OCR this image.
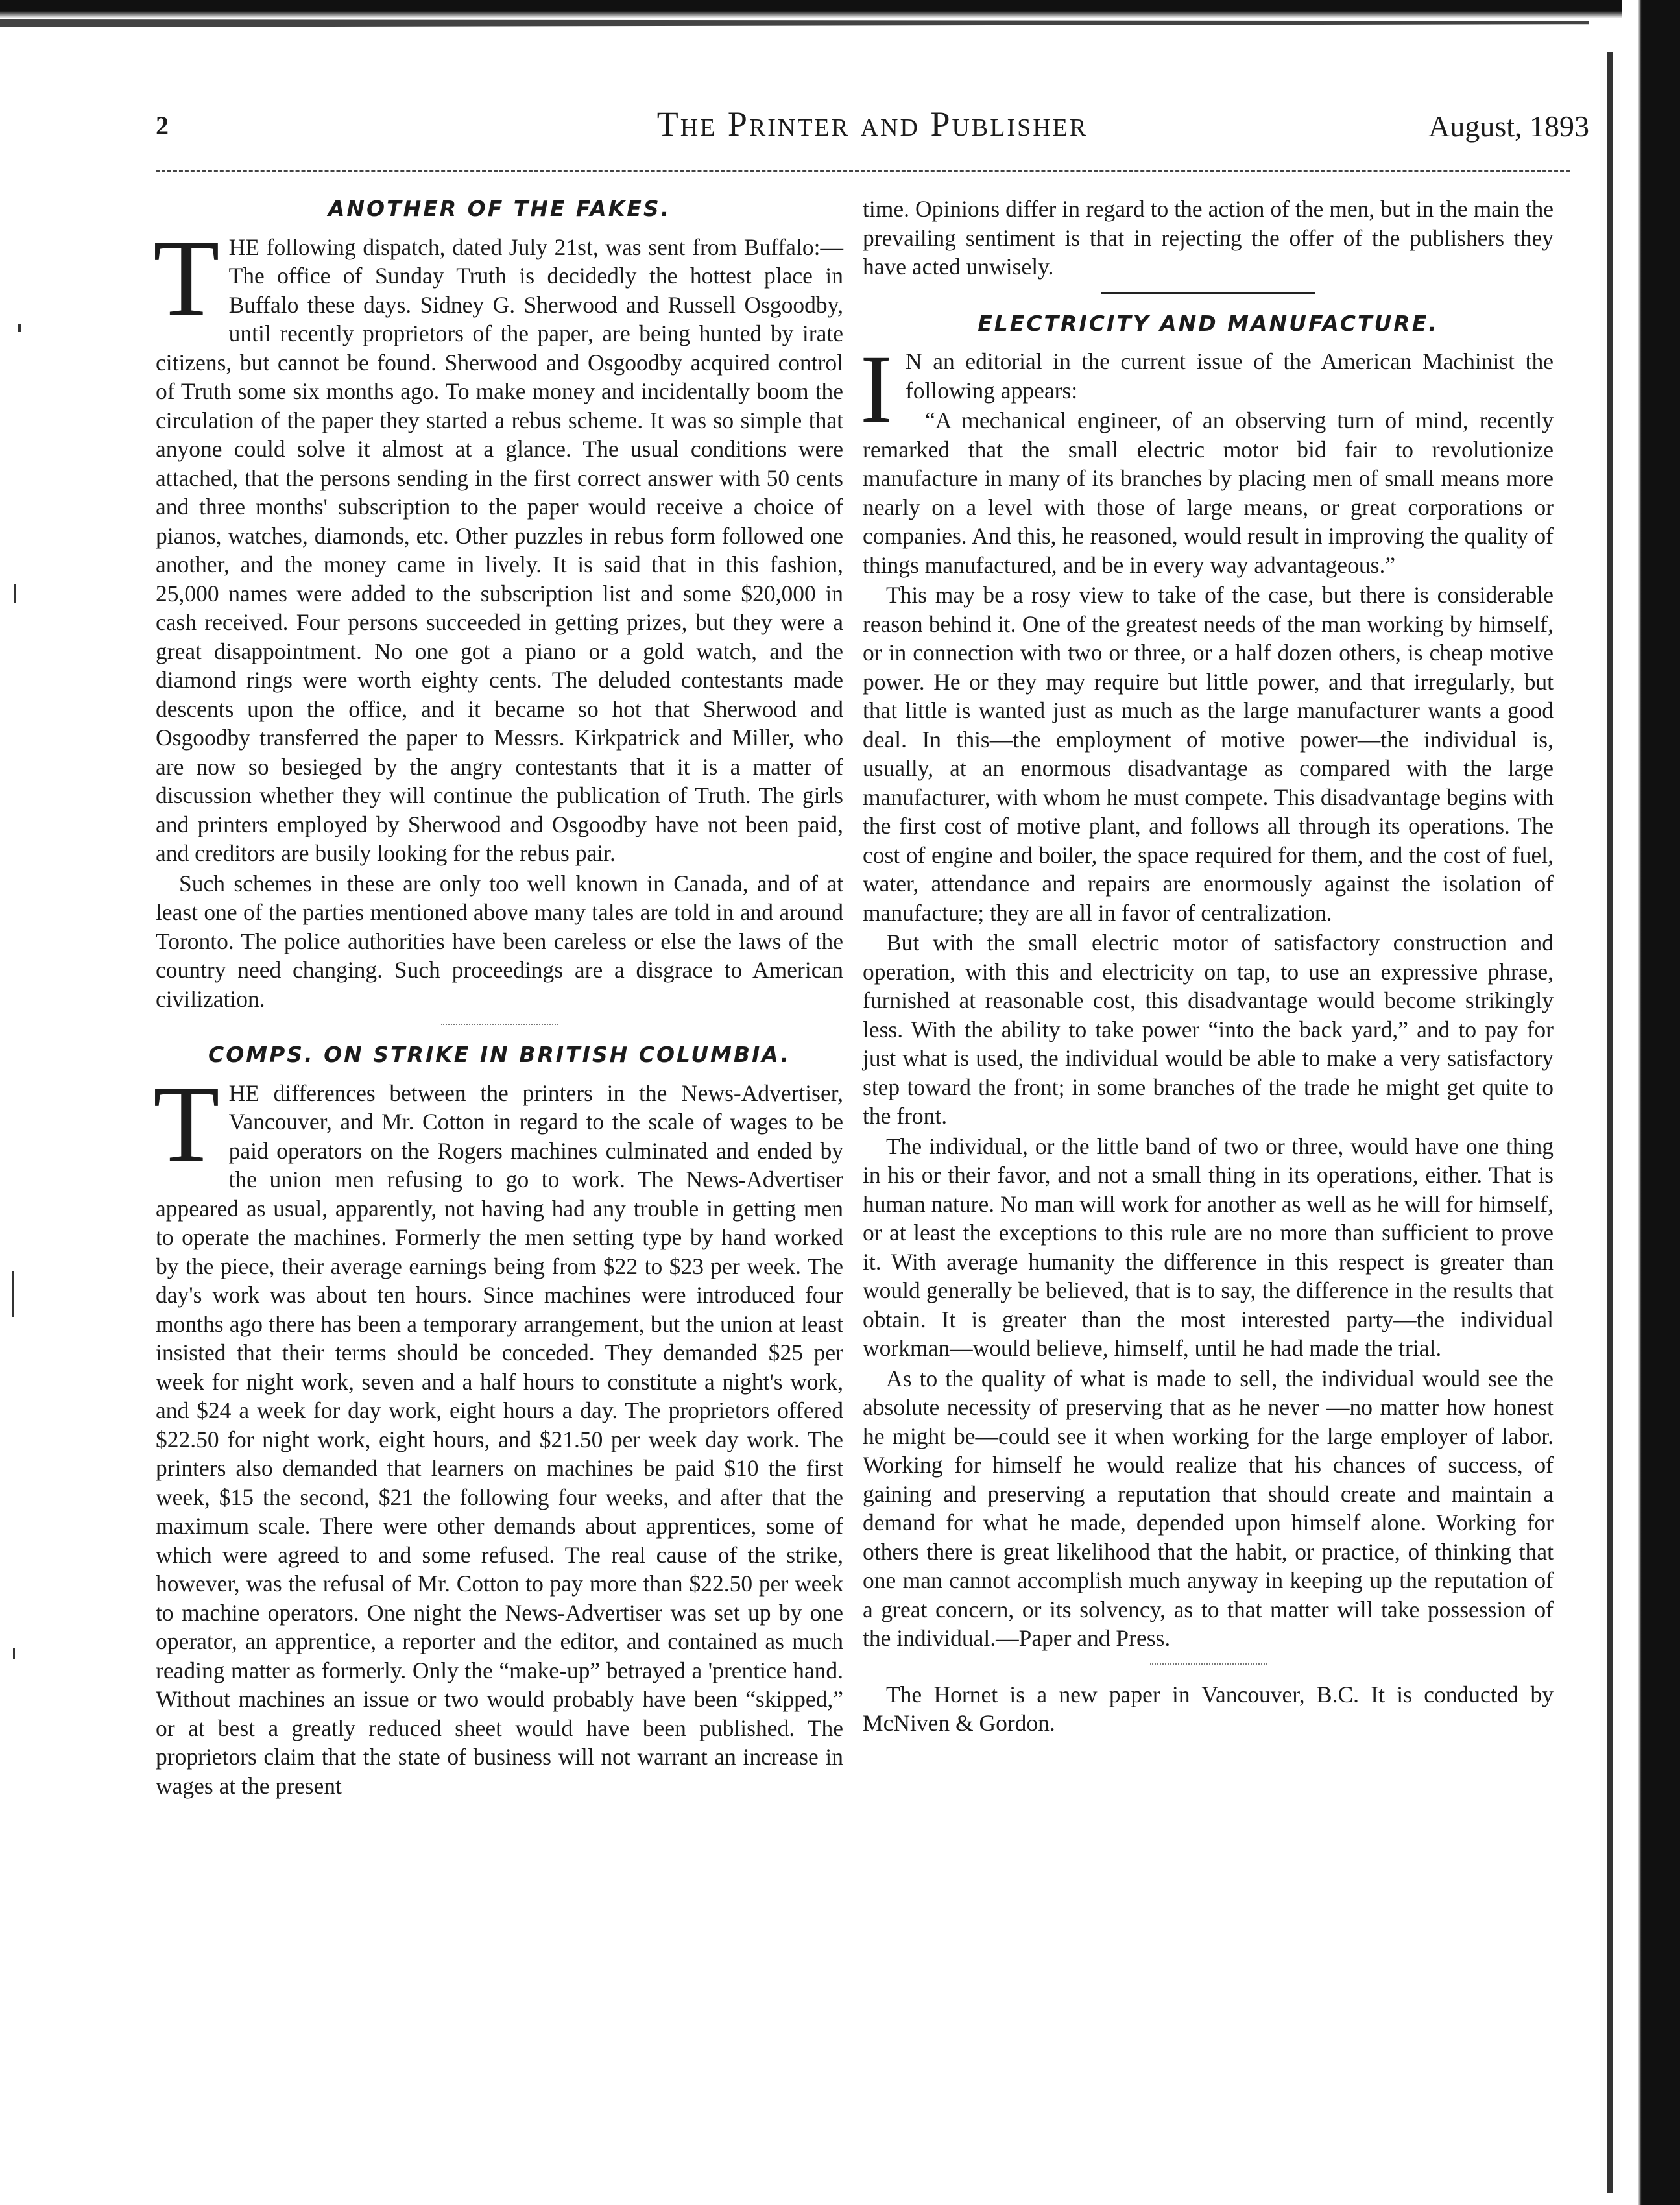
2	The Printer and Publisher	August, 1893
ANOTHER OF THE FAKES.

THE following dispatch, dated July 21st, was sent from Buffalo:—The office of Sunday Truth is decidedly the hottest place in Buffalo these days. Sidney G. Sherwood and Russell Osgoodby, until recently proprietors of the paper, are being hunted by irate citizens, but cannot be found. Sherwood and Osgoodby acquired control of Truth some six months ago. To make money and incidentally boom the circulation of the paper they started a rebus scheme. It was so simple that anyone could solve it almost at a glance. The usual conditions were attached, that the persons sending in the first correct answer with 50 cents and three months' subscription to the paper would receive a choice of pianos, watches, diamonds, etc. Other puzzles in rebus form followed one another, and the money came in lively. It is said that in this fashion, 25,000 names were added to the subscription list and some $20,000 in cash received. Four persons succeeded in getting prizes, but they were a great disappointment. No one got a piano or a gold watch, and the diamond rings were worth eighty cents. The deluded contestants made descents upon the office, and it became so hot that Sherwood and Osgoodby transferred the paper to Messrs. Kirkpatrick and Miller, who are now so besieged by the angry contestants that it is a matter of discussion whether they will continue the publication of Truth. The girls and printers employed by Sherwood and Osgoodby have not been paid, and creditors are busily looking for the rebus pair.

Such schemes in these are only too well known in Canada, and of at least one of the parties mentioned above many tales are told in and around Toronto. The police authorities have been careless or else the laws of the country need changing. Such proceedings are a disgrace to American civilization.

COMPS. ON STRIKE IN BRITISH COLUMBIA.

THE differences between the printers in the News-Advertiser, Vancouver, and Mr. Cotton in regard to the scale of wages to be paid operators on the Rogers machines culminated and ended by the union men refusing to go to work. The News-Advertiser appeared as usual, apparently, not having had any trouble in getting men to operate the machines. Formerly the men setting type by hand worked by the piece, their average earnings being from $22 to $23 per week. The day's work was about ten hours. Since machines were introduced four months ago there has been a temporary arrangement, but the union at least insisted that their terms should be conceded. They demanded $25 per week for night work, seven and a half hours to constitute a night's work, and $24 a week for day work, eight hours a day. The proprietors offered $22.50 for night work, eight hours, and $21.50 per week day work. The printers also demanded that learners on machines be paid $10 the first week, $15 the second, $21 the following four weeks, and after that the maximum scale. There were other demands about apprentices, some of which were agreed to and some refused. The real cause of the strike, however, was the refusal of Mr. Cotton to pay more than $22.50 per week to machine operators. One night the News-Advertiser was set up by one operator, an apprentice, a reporter and the editor, and contained as much reading matter as formerly. Only the “make-up” betrayed a 'prentice hand. Without machines an issue or two would probably have been “skipped,” or at best a greatly reduced sheet would have been published. The proprietors claim that the state of business will not warrant an increase in wages at the present

time. Opinions differ in regard to the action of the men, but in the main the prevailing sentiment is that in rejecting the offer of the publishers they have acted unwisely.

ELECTRICITY AND MANUFACTURE.

I N an editorial in the current issue of the American Machinist the following appears:

“A mechanical engineer, of an observing turn of mind, recently remarked that the small electric motor bid fair to revolutionize manufacture in many of its branches by placing men of small means more nearly on a level with those of large means, or great corporations or companies. And this, he reasoned, would result in improving the quality of things manufactured, and be in every way advantageous.”

This may be a rosy view to take of the case, but there is considerable reason behind it. One of the greatest needs of the man working by himself, or in connection with two or three, or a half dozen others, is cheap motive power. He or they may require but little power, and that irregularly, but that little is wanted just as much as the large manufacturer wants a good deal. In this—the employment of motive power—the individual is, usually, at an enormous disadvantage as compared with the large manufacturer, with whom he must compete. This disadvantage begins with the first cost of motive plant, and follows all through its operations. The cost of engine and boiler, the space required for them, and the cost of fuel, water, attendance and repairs are enormously against the isolation of manufacture; they are all in favor of centralization.

But with the small electric motor of satisfactory construction and operation, with this and electricity on tap, to use an expressive phrase, furnished at reasonable cost, this disadvantage would become strikingly less. With the ability to take power “into the back yard,” and to pay for just what is used, the individual would be able to make a very satisfactory step toward the front; in some branches of the trade he might get quite to the front.

The individual, or the little band of two or three, would have one thing in his or their favor, and not a small thing in its operations, either. That is human nature. No man will work for another as well as he will for himself, or at least the exceptions to this rule are no more than sufficient to prove it. With average humanity the difference in this respect is greater than would generally be believed, that is to say, the difference in the results that obtain. It is greater than the most interested party—the individual workman—would believe, himself, until he had made the trial.

As to the quality of what is made to sell, the individual would see the absolute necessity of preserving that as he never —no matter how honest he might be—could see it when working for the large employer of labor. Working for himself he would realize that his chances of success, of gaining and preserving a reputation that should create and maintain a demand for what he made, depended upon himself alone. Working for others there is great likelihood that the habit, or practice, of thinking that one man cannot accomplish much anyway in keeping up the reputation of a great concern, or its solvency, as to that matter will take possession of the individual.—Paper and Press.

The Hornet is a new paper in Vancouver, B.C. It is conducted by McNiven & Gordon.
